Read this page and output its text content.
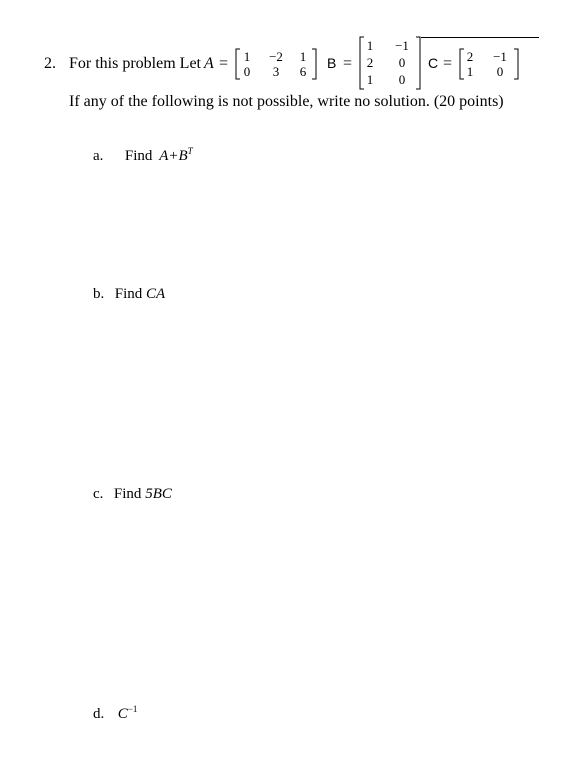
2. For this problem Let A = 1	−2	1
0	3	6
B =
1	−1
2	0
1	0
C = 2	−1
1	0
If any of the following is not possible, write no solution. (20 points)
a. Find $A+B^T$
b. Find CA
c. Find 5BC
d. $C^{-1}$
